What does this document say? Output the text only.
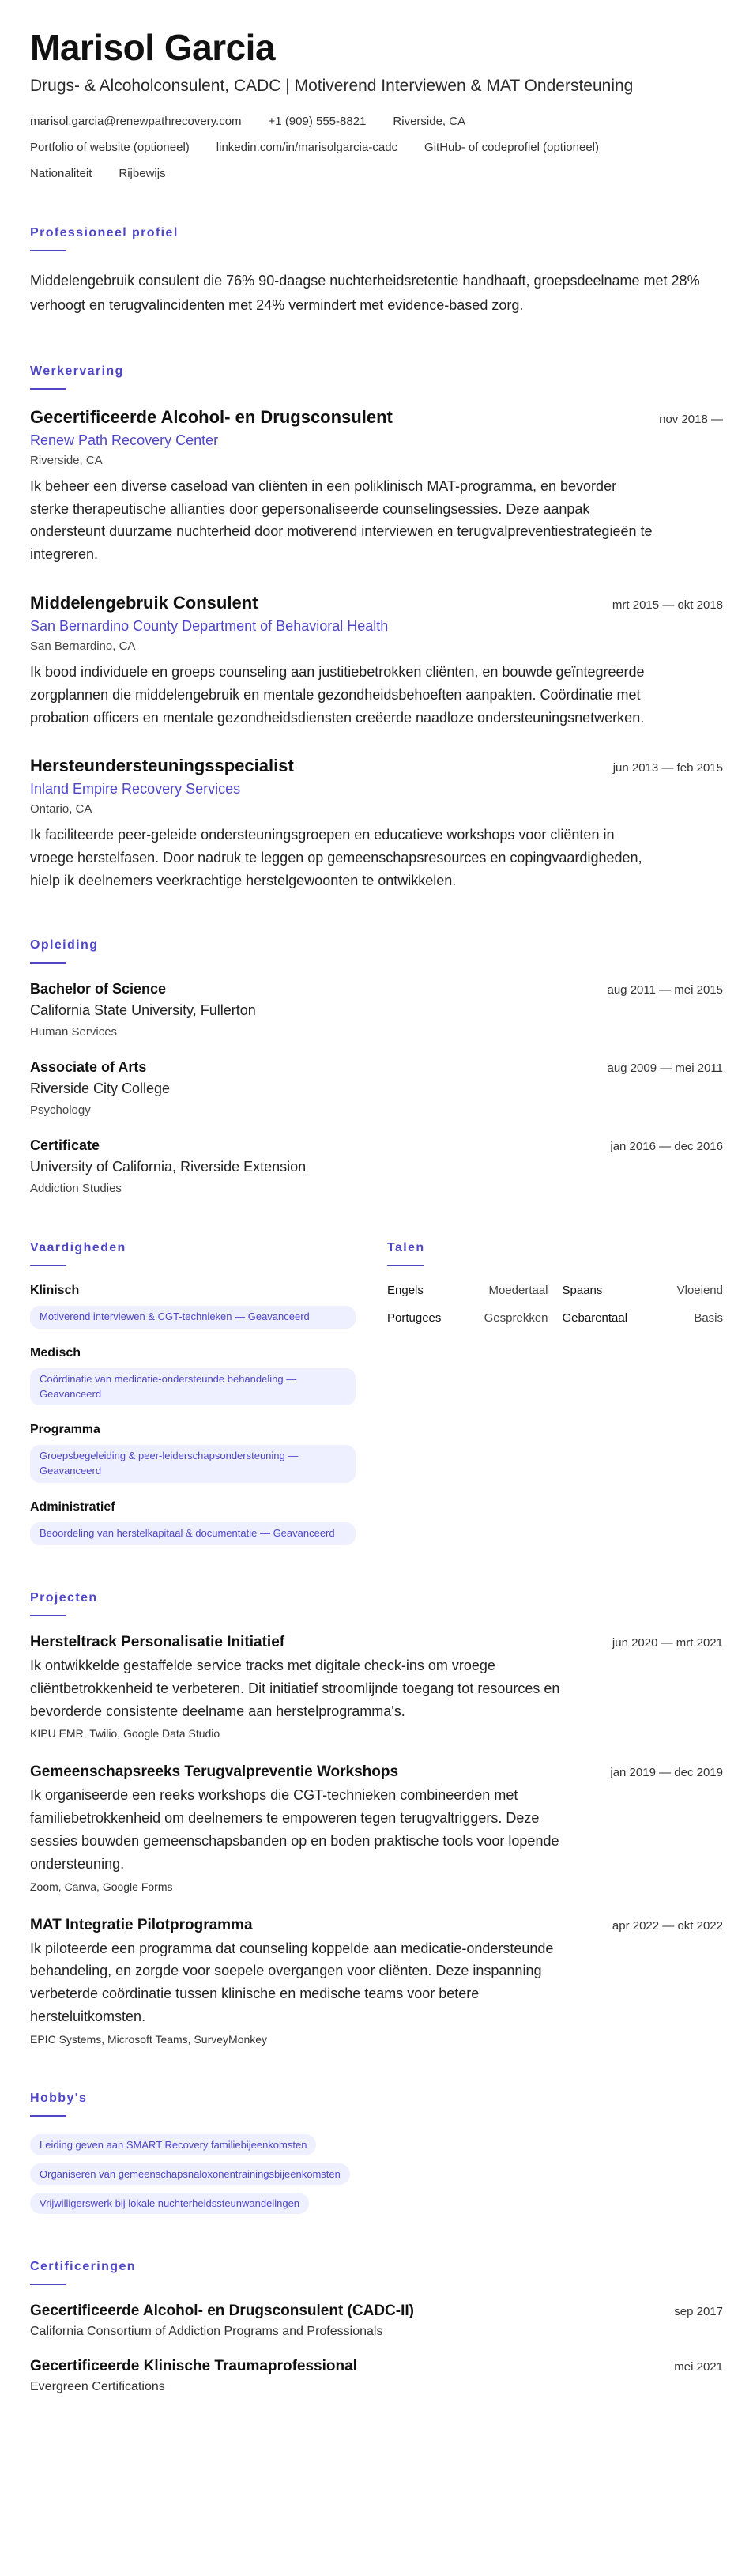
Marisol Garcia
Drugs- & Alcoholconsulent, CADC | Motiverend Interviewen & MAT Ondersteuning
marisol.garcia@renewpathrecovery.com +1 (909) 555-8821 Riverside, CA
Portfolio of website (optioneel) linkedin.com/in/marisolgarcia-cadc GitHub- of codeprofiel (optioneel)
Nationaliteit Rijbewijs
Professioneel profiel

Middelengebruik consulent die 76% 90-daagse nuchterheidsretentie handhaaft, groepsdeelname met 28% verhoogt en terugvalincidenten met 24% vermindert met evidence-based zorg.

Werkervaring
Gecertificeerde Alcohol- en Drugsconsulent	nov 2018 —
Renew Path Recovery Center
Riverside, CA

Ik beheer een diverse caseload van cliënten in een poliklinisch MAT-programma, en bevorder sterke therapeutische allianties door gepersonaliseerde counselingsessies. Deze aanpak ondersteunt duurzame nuchterheid door motiverend interviewen en terugvalpreventiestrategieën te integreren.

Middelengebruik Consulent	mrt 2015 — okt 2018
San Bernardino County Department of Behavioral Health
San Bernardino, CA

Ik bood individuele en groeps counseling aan justitiebetrokken cliënten, en bouwde geïntegreerde zorgplannen die middelengebruik en mentale gezondheidsbehoeften aanpakten. Coördinatie met probation officers en mentale gezondheidsdiensten creëerde naadloze ondersteuningsnetwerken.

Hersteundersteuningsspecialist	jun 2013 — feb 2015
Inland Empire Recovery Services
Ontario, CA

Ik faciliteerde peer-geleide ondersteuningsgroepen en educatieve workshops voor cliënten in vroege herstelfasen. Door nadruk te leggen op gemeenschapsresources en copingvaardigheden, hielp ik deelnemers veerkrachtige herstelgewoonten te ontwikkelen.

Opleiding
Bachelor of Science	aug 2011 — mei 2015
California State University, Fullerton
Human Services
Associate of Arts	aug 2009 — mei 2011
Riverside City College
Psychology
Certificate	jan 2016 — dec 2016
University of California, Riverside Extension
Addiction Studies
Vaardigheden
Klinisch
Motiverend interviewen & CGT-technieken — Geavanceerd
Medisch
Coördinatie van medicatie-ondersteunde behandeling — Geavanceerd
Programma
Groepsbegeleiding & peer-leiderschapsondersteuning — Geavanceerd
Administratief
Beoordeling van herstelkapitaal & documentatie — Geavanceerd
Talen
Engels	Moedertaal Spaans	Vloeiend
Portugees	Gesprekken Gebarentaal	Basis
Projecten
Hersteltrack Personalisatie Initiatief	jun 2020 — mrt 2021

Ik ontwikkelde gestaffelde service tracks met digitale check-ins om vroege cliëntbetrokkenheid te verbeteren. Dit initiatief stroomlijnde toegang tot resources en bevorderde consistente deelname aan herstelprogramma's.

KIPU EMR, Twilio, Google Data Studio
Gemeenschapsreeks Terugvalpreventie Workshops	jan 2019 — dec 2019

Ik organiseerde een reeks workshops die CGT-technieken combineerden met familiebetrokkenheid om deelnemers te empoweren tegen terugvaltriggers. Deze sessies bouwden gemeenschapsbanden op en boden praktische tools voor lopende ondersteuning.

Zoom, Canva, Google Forms
MAT Integratie Pilotprogramma	apr 2022 — okt 2022

Ik piloteerde een programma dat counseling koppelde aan medicatie-ondersteunde behandeling, en zorgde voor soepele overgangen voor cliënten. Deze inspanning verbeterde coördinatie tussen klinische en medische teams voor betere hersteluitkomsten.

EPIC Systems, Microsoft Teams, SurveyMonkey
Hobby's
Leiding geven aan SMART Recovery familiebijeenkomsten
Organiseren van gemeenschapsnaloxonentrainingsbijeenkomsten
Vrijwilligerswerk bij lokale nuchterheidssteunwandelingen
Certificeringen
Gecertificeerde Alcohol- en Drugsconsulent (CADC-II)	sep 2017
California Consortium of Addiction Programs and Professionals
Gecertificeerde Klinische Traumaprofessional	mei 2021
Evergreen Certifications
